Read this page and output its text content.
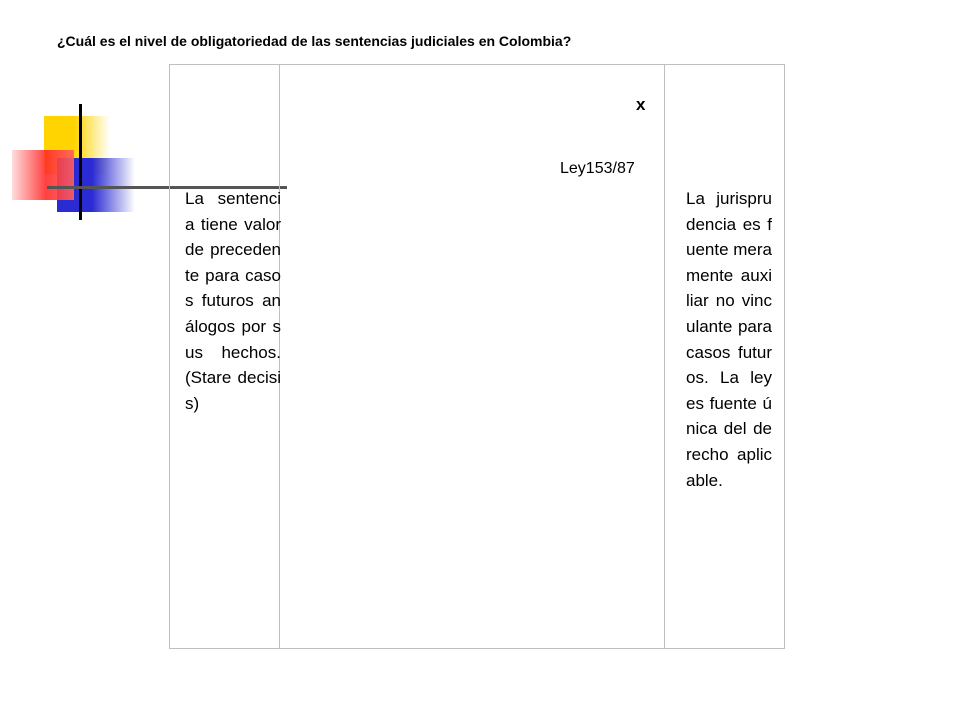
¿Cuál es el nivel de obligatoriedad de las sentencias judiciales en Colombia?
x
Ley153/87
La sentencia tiene valor de precedente para casos futuros análogos por sus hechos. (Stare decisis)
La jurisprudencia es fuente meramente auxiliar no vinculante para casos futuros. La ley es fuente única del derecho aplicable.
